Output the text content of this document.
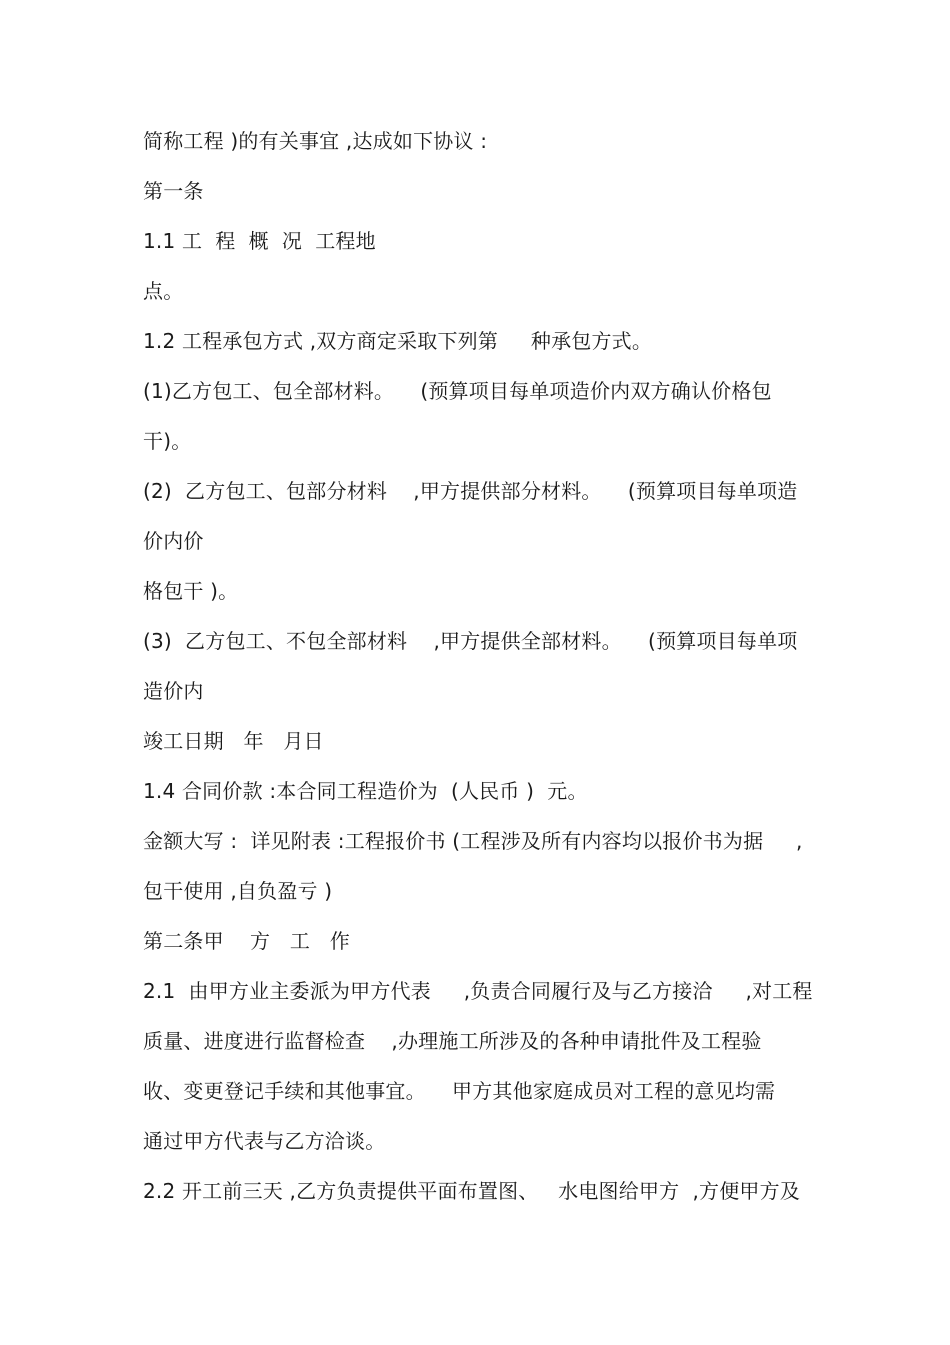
简称工程 )的有关事宜 ,达成如下协议 :
第一条
1.1 工  程  概  况  工程地
点。
1.2 工程承包方式 ,双方商定采取下列第     种承包方式。
(1)乙方包工、包全部材料。    (预算项目每单项造价内双方确认价格包
干)。
(2)  乙方包工、包部分材料    ,甲方提供部分材料。    (预算项目每单项造
价内价
格包干 )。
(3)  乙方包工、不包全部材料    ,甲方提供全部材料。    (预算项目每单项
造价内
竣工日期   年   月日
1.4 合同价款 :本合同工程造价为  (人民币 )  元。
金额大写 :  详见附表 :工程报价书 (工程涉及所有内容均以报价书为据     ,
包干使用 ,自负盈亏 )
第二条甲    方   工   作
2.1  由甲方业主委派为甲方代表     ,负责合同履行及与乙方接洽     ,对工程
质量、进度进行监督检查    ,办理施工所涉及的各种申请批件及工程验
收、变更登记手续和其他事宜。    甲方其他家庭成员对工程的意见均需
通过甲方代表与乙方洽谈。
2.2 开工前三天 ,乙方负责提供平面布置图、   水电图给甲方  ,方便甲方及
